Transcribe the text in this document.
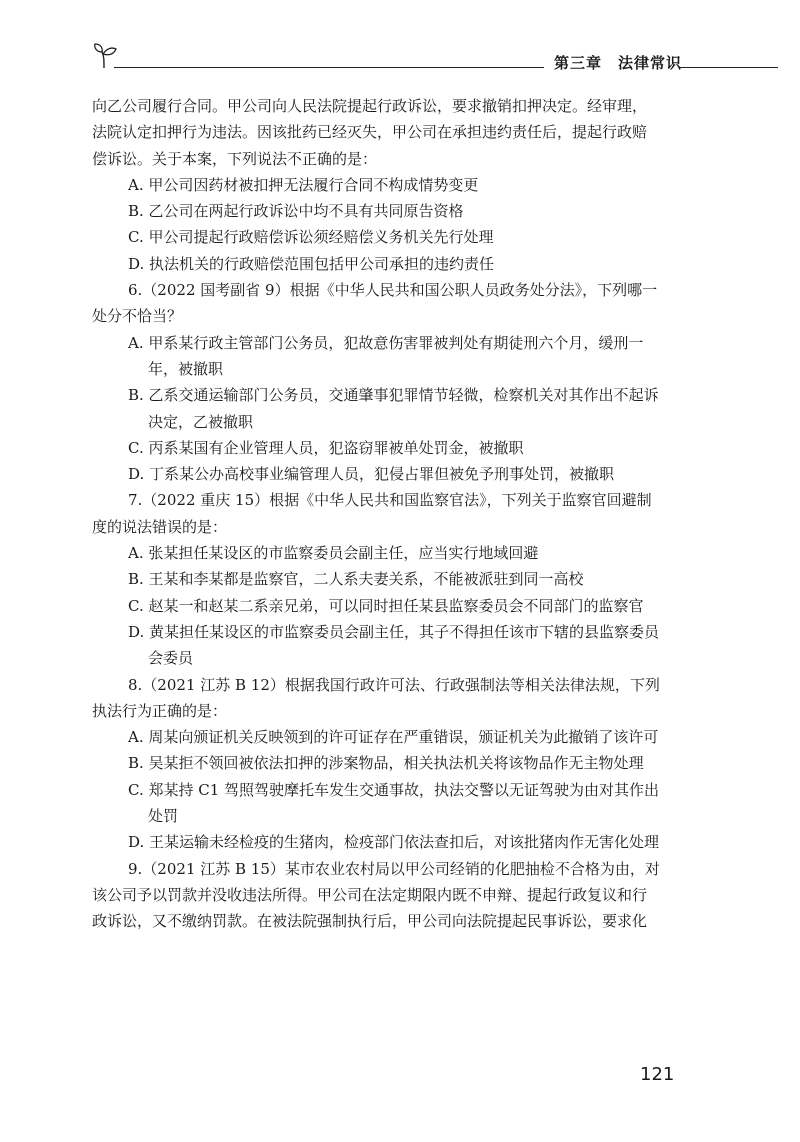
第三章　法律常识
向乙公司履行合同。甲公司向人民法院提起行政诉讼，要求撤销扣押决定。经审理，
法院认定扣押行为违法。因该批药已经灭失，甲公司在承担违约责任后，提起行政赔
偿诉讼。关于本案，下列说法不正确的是：
A. 甲公司因药材被扣押无法履行合同不构成情势变更
B. 乙公司在两起行政诉讼中均不具有共同原告资格
C. 甲公司提起行政赔偿诉讼须经赔偿义务机关先行处理
D. 执法机关的行政赔偿范围包括甲公司承担的违约责任
6.（2022 国考副省 9）根据《中华人民共和国公职人员政务处分法》，下列哪一
处分不恰当？
A. 甲系某行政主管部门公务员，犯故意伤害罪被判处有期徒刑六个月，缓刑一
年，被撤职
B. 乙系交通运输部门公务员，交通肇事犯罪情节轻微，检察机关对其作出不起诉
决定，乙被撤职
C. 丙系某国有企业管理人员，犯盗窃罪被单处罚金，被撤职
D. 丁系某公办高校事业编管理人员，犯侵占罪但被免予刑事处罚，被撤职
7.（2022 重庆 15）根据《中华人民共和国监察官法》，下列关于监察官回避制
度的说法错误的是：
A. 张某担任某设区的市监察委员会副主任，应当实行地域回避
B. 王某和李某都是监察官，二人系夫妻关系，不能被派驻到同一高校
C. 赵某一和赵某二系亲兄弟，可以同时担任某县监察委员会不同部门的监察官
D. 黄某担任某设区的市监察委员会副主任，其子不得担任该市下辖的县监察委员
会委员
8.（2021 江苏 B 12）根据我国行政许可法、行政强制法等相关法律法规，下列
执法行为正确的是：
A. 周某向颁证机关反映领到的许可证存在严重错误，颁证机关为此撤销了该许可
B. 吴某拒不领回被依法扣押的涉案物品，相关执法机关将该物品作无主物处理
C. 郑某持 C1 驾照驾驶摩托车发生交通事故，执法交警以无证驾驶为由对其作出
处罚
D. 王某运输未经检疫的生猪肉，检疫部门依法查扣后，对该批猪肉作无害化处理
9.（2021 江苏 B 15）某市农业农村局以甲公司经销的化肥抽检不合格为由，对
该公司予以罚款并没收违法所得。甲公司在法定期限内既不申辩、提起行政复议和行
政诉讼，又不缴纳罚款。在被法院强制执行后，甲公司向法院提起民事诉讼，要求化
121
